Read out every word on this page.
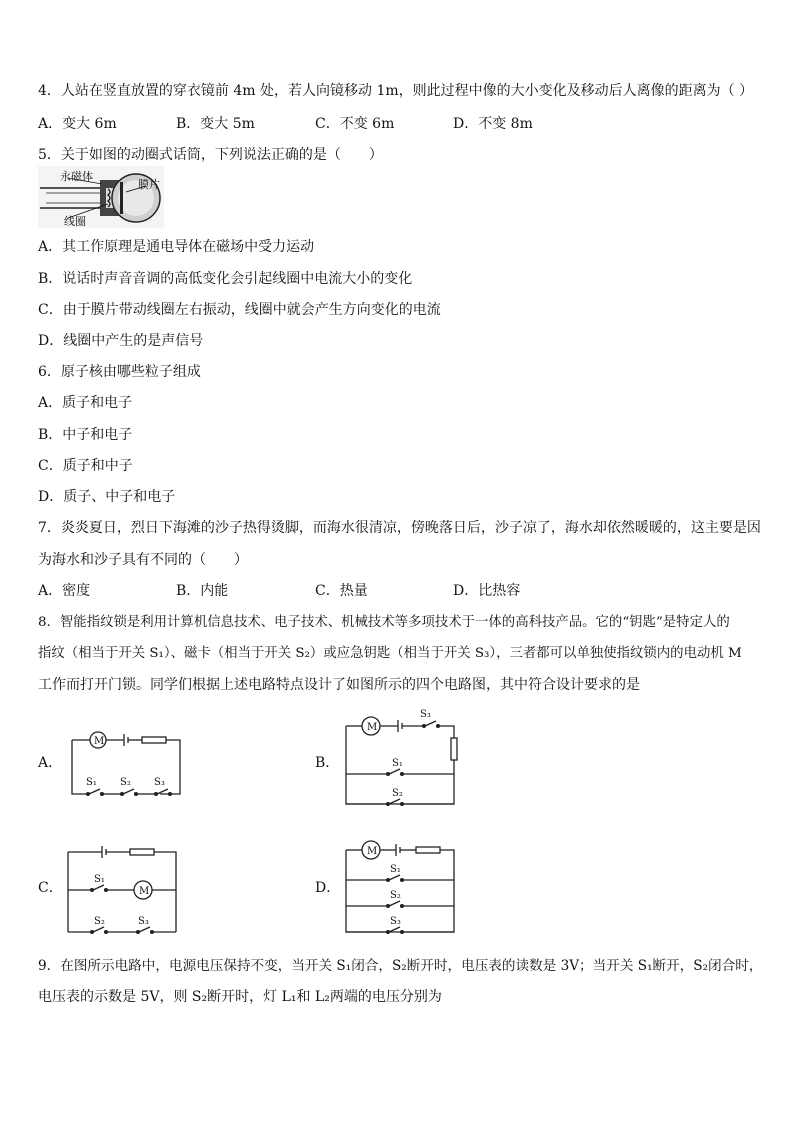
4．人站在竖直放置的穿衣镜前 4m 处，若人向镜移动 1m，则此过程中像的大小变化及移动后人离像的距离为（ ）
A．变大 6m	B．变大 5m	C．不变 6m	D．不变 8m
5．关于如图的动圈式话筒，下列说法正确的是（　　）
永磁体
膜片
线圈
A．其工作原理是通电导体在磁场中受力运动
B．说话时声音音调的高低变化会引起线圈中电流大小的变化
C．由于膜片带动线圈左右振动，线圈中就会产生方向变化的电流
D．线圈中产生的是声信号
6．原子核由哪些粒子组成
A．质子和电子
B．中子和电子
C．质子和中子
D．质子、中子和电子
7．炎炎夏日，烈日下海滩的沙子热得烫脚，而海水很清凉，傍晚落日后，沙子凉了，海水却依然暖暖的，这主要是因
为海水和沙子具有不同的（　　）
A．密度	B．内能	C．热量	D．比热容
8．智能指纹锁是利用计算机信息技术、电子技术、机械技术等多项技术于一体的高科技产品。它的“钥匙”是特定人的
指纹（相当于开关 S₁）、磁卡（相当于开关 S₂）或应急钥匙（相当于开关 S₃），三者都可以单独使指纹锁内的电动机 M
工作而打开门锁。同学们根据上述电路特点设计了如图所示的四个电路图，其中符合设计要求的是
A．
M
S₁ S₂ S₃
B．
M
S₃
S₁
S₂
C．
S₁
M
S₂	S₃
D．
M
S₁
S₂
S₃
9．在图所示电路中，电源电压保持不变，当开关 S₁闭合，S₂断开时，电压表的读数是 3V；当开关 S₁断开，S₂闭合时，
电压表的示数是 5V，则 S₂断开时，灯 L₁和 L₂两端的电压分别为
